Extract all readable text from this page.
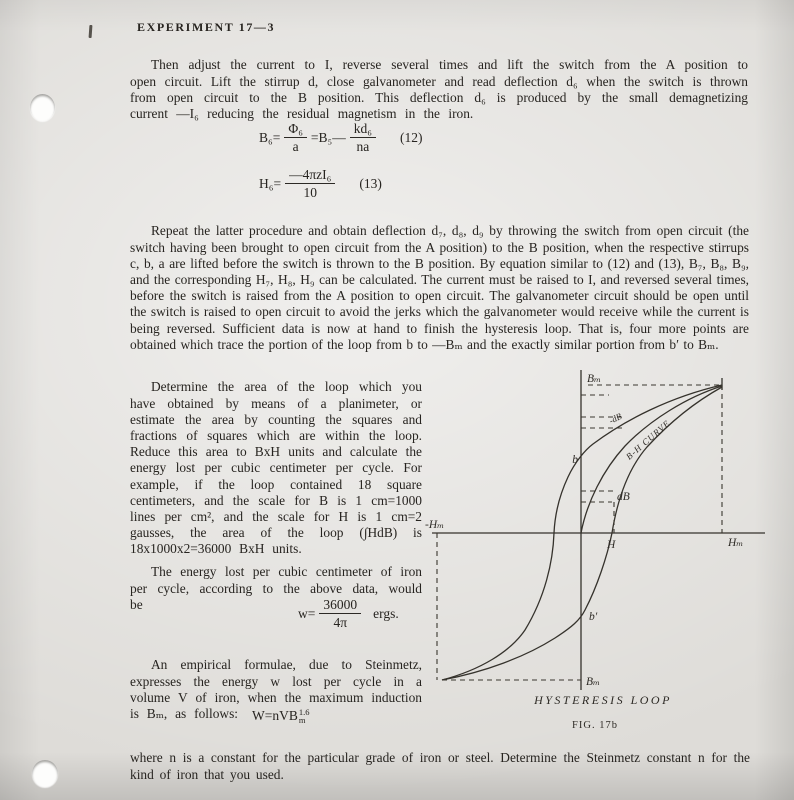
EXPERIMENT 17—3

Then adjust the current to I, reverse several times and lift the switch from the A position to open circuit. Lift the stirrup d, close galvanometer and read deflection d₆ when the switch is thrown from open circuit to the B position. This deflection d₆ is produced by the small demagnetizing current —I₆ reducing the residual magnetism in the iron.

$B_6= \frac{\text{Φ₆}}{a}$ =B₅— $\frac{\text{kd₆}}{na} (12)$
$H_6= \frac{\text{—4πzI₆}}{10} (13)$

Repeat the latter procedure and obtain deflection d₇, d₈, d₉ by throwing the switch from open circuit (the switch having been brought to open circuit from the A position) to the B position, when the respective stirrups c, b, a are lifted before the switch is thrown to the B position. By equation similar to (12) and (13), B₇, B₈, B₉, and the corresponding H₇, H₈, H₉ can be calculated. The current must be raised to I, and reversed several times, before the switch is raised from the A position to open circuit. The galvanometer circuit should be open until the switch is raised to open circuit to avoid the jerks which the galvanometer would receive while the current is being reversed. Sufficient data is now at hand to finish the hysteresis loop. That is, four more points are obtained which trace the portion of the loop from b to —Bₘ and the exactly similar portion from b′ to Bₘ.

Determine the area of the loop which you have obtained by means of a planimeter, or estimate the area by counting the squares and fractions of squares which are within the loop. Reduce this area to BxH units and calculate the energy lost per cubic centimeter per cycle. For example, if the loop contained 18 square centimeters, and the scale for B is 1 cm=1000 lines per cm², and the scale for H is 1 cm=2 gausses, the area of the loop (∫HdB) is 18x1000x2=36000 BxH units.

The energy lost per cubic centimeter of iron per cycle, according to the above data, would be

$w= \frac{36000}{4\pi}$ ergs.

An empirical formulae, due to Steinmetz, expresses the energy w lost per cycle in a volume V of iron, when the maximum induction is Bₘ, as follows:	W=nVB 1.6
m

where n is a constant for the particular grade of iron or steel. Determine the Steinmetz constant n for the kind of iron that you used.

Bₘ
-dB B-H CURVE
b
dB
-Hₘ
H	Hₘ
b′
Bₘ
HYSTERESIS LOOP
FIG. 17b
